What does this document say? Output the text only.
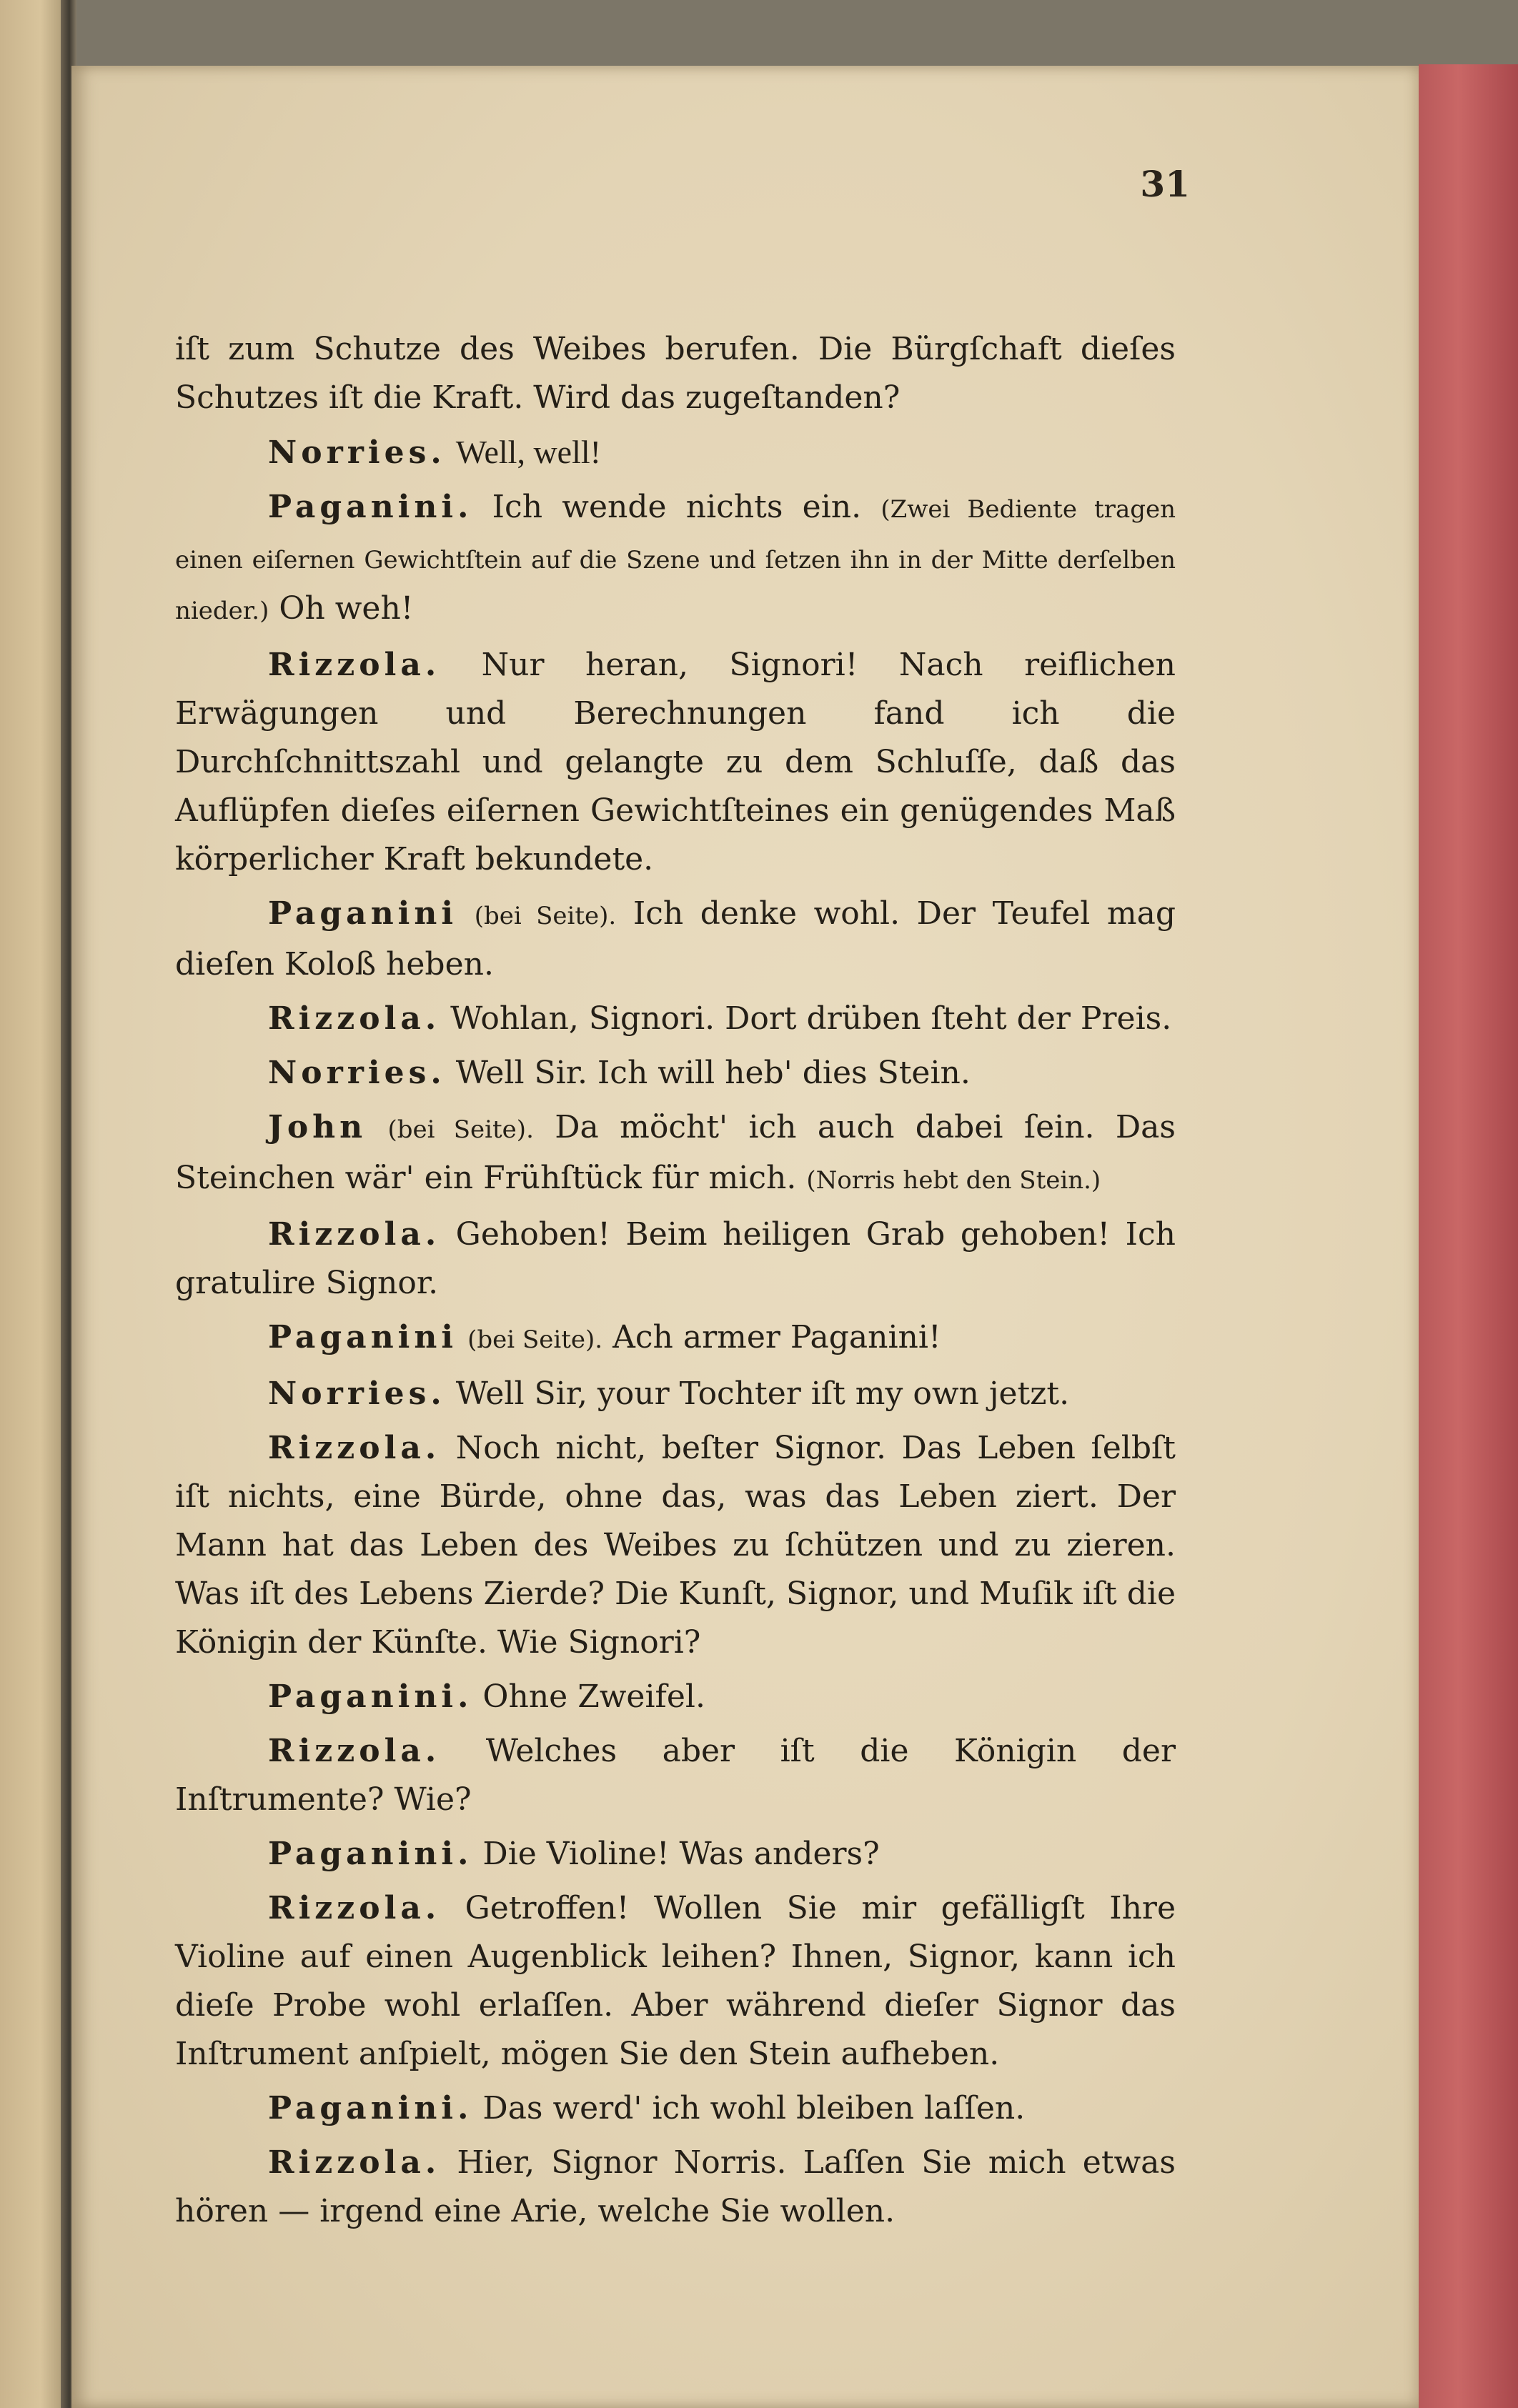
31

iſt zum Schutze des Weibes berufen. Die Bürgſchaft dieſes Schutzes iſt die Kraft. Wird das zugeſtanden?

Norries. Well, well!

Paganini. Ich wende nichts ein. (Zwei Bediente tragen einen eiſernen Gewichtſtein auf die Szene und ſetzen ihn in der Mitte derſelben nieder.) Oh weh!

Rizzola. Nur heran, Signori! Nach reiflichen Erwägungen und Berechnungen fand ich die Durchſchnittszahl und gelangte zu dem Schluſſe, daß das Auflüpfen dieſes eiſernen Gewichtſteines ein genügendes Maß körperlicher Kraft bekundete.

Paganini (bei Seite). Ich denke wohl. Der Teufel mag dieſen Koloß heben.

Rizzola. Wohlan, Signori. Dort drüben ſteht der Preis.

Norries. Well Sir. Ich will heb' dies Stein.

John (bei Seite). Da möcht' ich auch dabei ſein. Das Steinchen wär' ein Frühſtück für mich. (Norris hebt den Stein.)

Rizzola. Gehoben! Beim heiligen Grab gehoben! Ich gratulire Signor.

Paganini (bei Seite). Ach armer Paganini!

Norries. Well Sir, your Tochter iſt my own jetzt.

Rizzola. Noch nicht, beſter Signor. Das Leben ſelbſt iſt nichts, eine Bürde, ohne das, was das Leben ziert. Der Mann hat das Leben des Weibes zu ſchützen und zu zieren. Was iſt des Lebens Zierde? Die Kunſt, Signor, und Muſik iſt die Königin der Künſte. Wie Signori?

Paganini. Ohne Zweifel.

Rizzola. Welches aber iſt die Königin der Inſtrumente? Wie?

Paganini. Die Violine! Was anders?

Rizzola. Getroffen! Wollen Sie mir gefälligſt Ihre Violine auf einen Augenblick leihen? Ihnen, Signor, kann ich dieſe Probe wohl erlaſſen. Aber während dieſer Signor das Inſtrument anſpielt, mögen Sie den Stein aufheben.

Paganini. Das werd' ich wohl bleiben laſſen.

Rizzola. Hier, Signor Norris. Laſſen Sie mich etwas hören — irgend eine Arie, welche Sie wollen.
